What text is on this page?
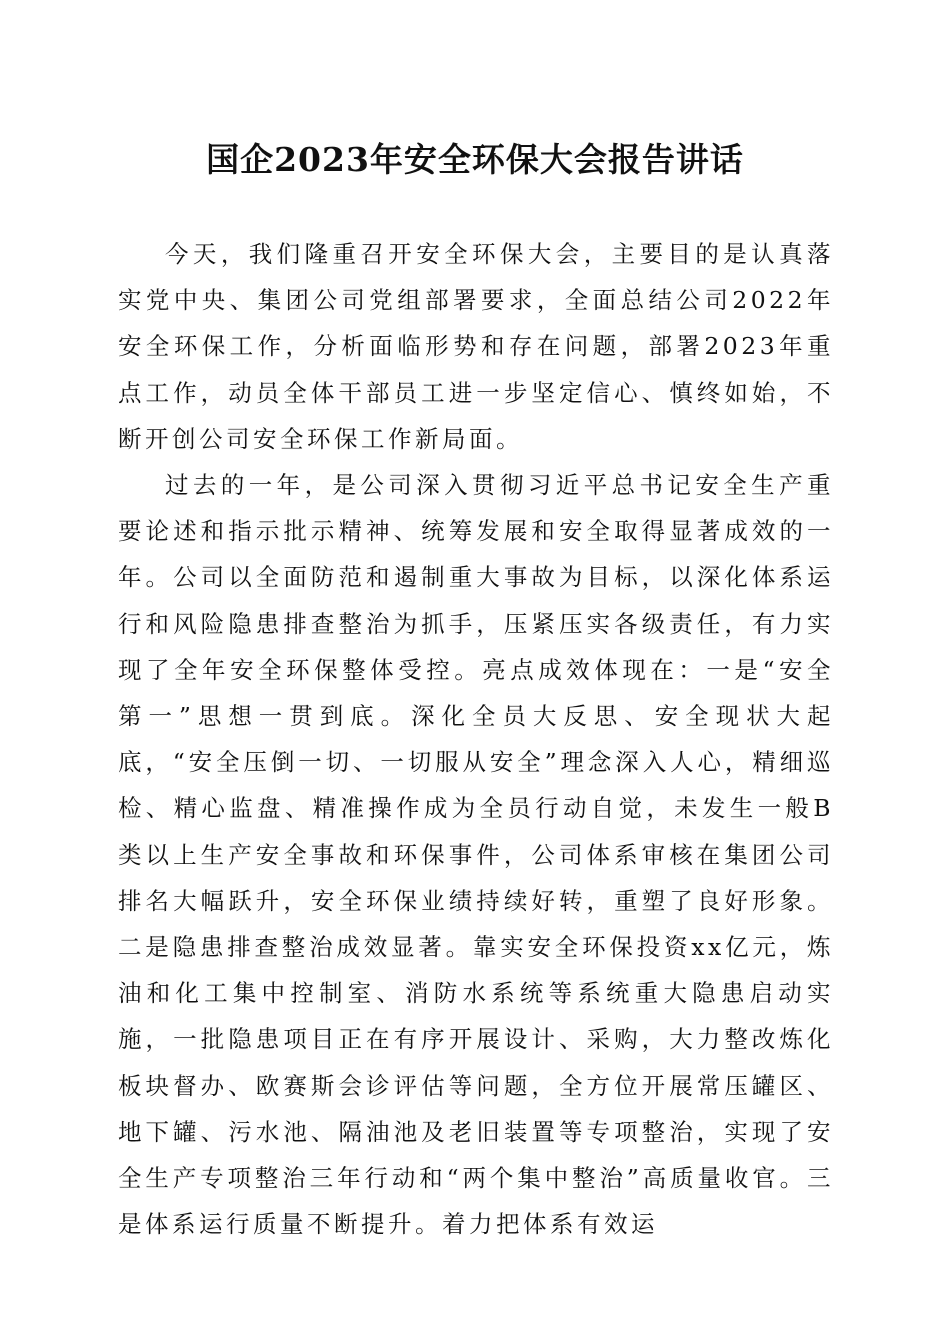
国企2023年安全环保大会报告讲话

今天，我们隆重召开安全环保大会，主要目的是认真落实党中央、集团公司党组部署要求，全面总结公司2022年安全环保工作，分析面临形势和存在问题，部署2023年重点工作，动员全体干部员工进一步坚定信心、慎终如始，不断开创公司安全环保工作新局面。

过去的一年，是公司深入贯彻习近平总书记安全生产重要论述和指示批示精神、统筹发展和安全取得显著成效的一年。公司以全面防范和遏制重大事故为目标，以深化体系运行和风险隐患排查整治为抓手，压紧压实各级责任，有力实现了全年安全环保整体受控。亮点成效体现在：一是“安全第一”思想一贯到底。深化全员大反思、安全现状大起底，“安全压倒一切、一切服从安全”理念深入人心，精细巡检、精心监盘、精准操作成为全员行动自觉，未发生一般B类以上生产安全事故和环保事件，公司体系审核在集团公司排名大幅跃升，安全环保业绩持续好转，重塑了良好形象。二是隐患排查整治成效显著。靠实安全环保投资xx亿元，炼油和化工集中控制室、消防水系统等系统重大隐患启动实施，一批隐患项目正在有序开展设计、采购，大力整改炼化板块督办、欧赛斯会诊评估等问题，全方位开展常压罐区、地下罐、污水池、隔油池及老旧装置等专项整治，实现了安全生产专项整治三年行动和“两个集中整治”高质量收官。三是体系运行质量不断提升。着力把体系有效运
